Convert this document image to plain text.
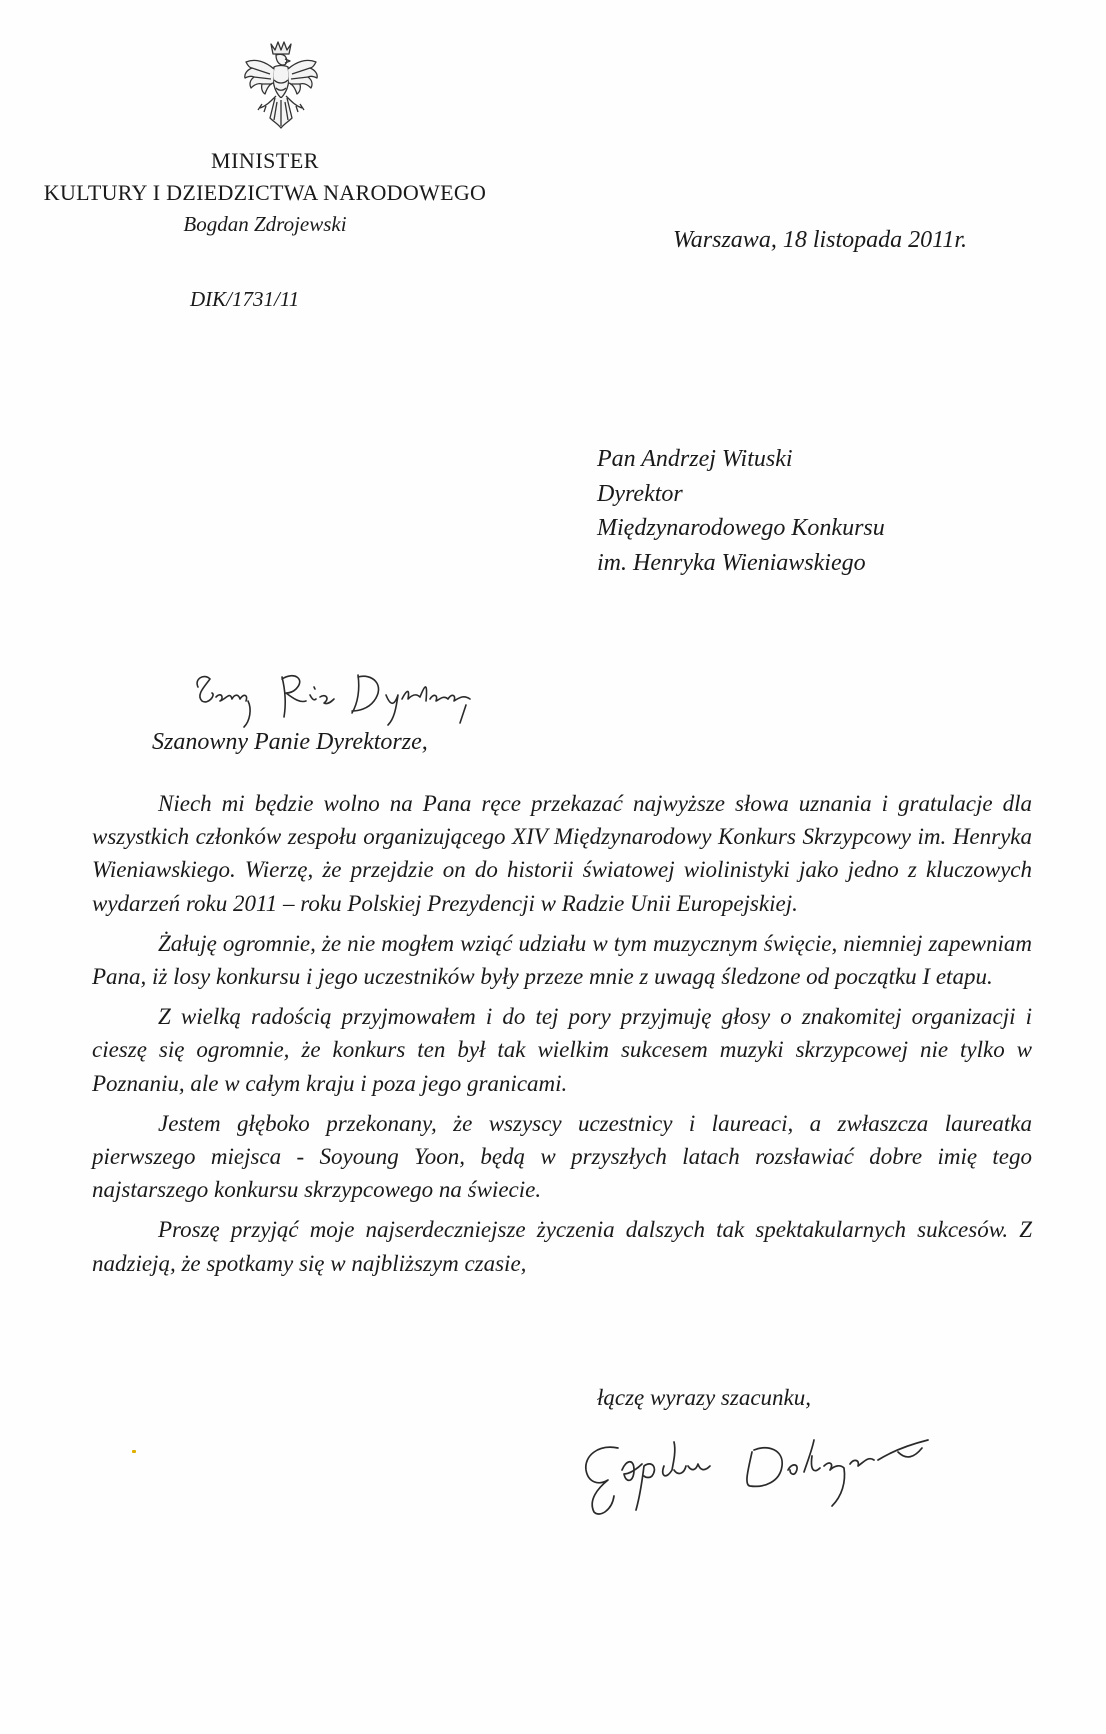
MINISTER
KULTURY I DZIEDZICTWA NARODOWEGO
Bogdan Zdrojewski
DIK/1731/11
Warszawa, 18 listopada 2011r.
Pan Andrzej Wituski
Dyrektor
Międzynarodowego Konkursu
im. Henryka Wieniawskiego
Szanowny Panie Dyrektorze,

Niech mi będzie wolno na Pana ręce przekazać najwyższe słowa uznania i gratulacje dla wszystkich członków zespołu organizującego XIV Międzynarodowy Konkurs Skrzypcowy im. Henryka Wieniawskiego. Wierzę, że przejdzie on do historii światowej wiolinistyki jako jedno z kluczowych wydarzeń roku 2011 – roku Polskiej Prezydencji w Radzie Unii Europejskiej.

Żałuję ogromnie, że nie mogłem wziąć udziału w tym muzycznym święcie, niemniej zapewniam Pana, iż losy konkursu i jego uczestników były przeze mnie z uwagą śledzone od początku I etapu.

Z wielką radością przyjmowałem i do tej pory przyjmuję głosy o znakomitej organizacji i cieszę się ogromnie, że konkurs ten był tak wielkim sukcesem muzyki skrzypcowej nie tylko w Poznaniu, ale w całym kraju i poza jego granicami.

Jestem głęboko przekonany, że wszyscy uczestnicy i laureaci, a zwłaszcza laureatka pierwszego miejsca - Soyoung Yoon, będą w przyszłych latach rozsławiać dobre imię tego najstarszego konkursu skrzypcowego na świecie.

Proszę przyjąć moje najserdeczniejsze życzenia dalszych tak spektakularnych sukcesów. Z nadzieją, że spotkamy się w najbliższym czasie,

łączę wyrazy szacunku,
